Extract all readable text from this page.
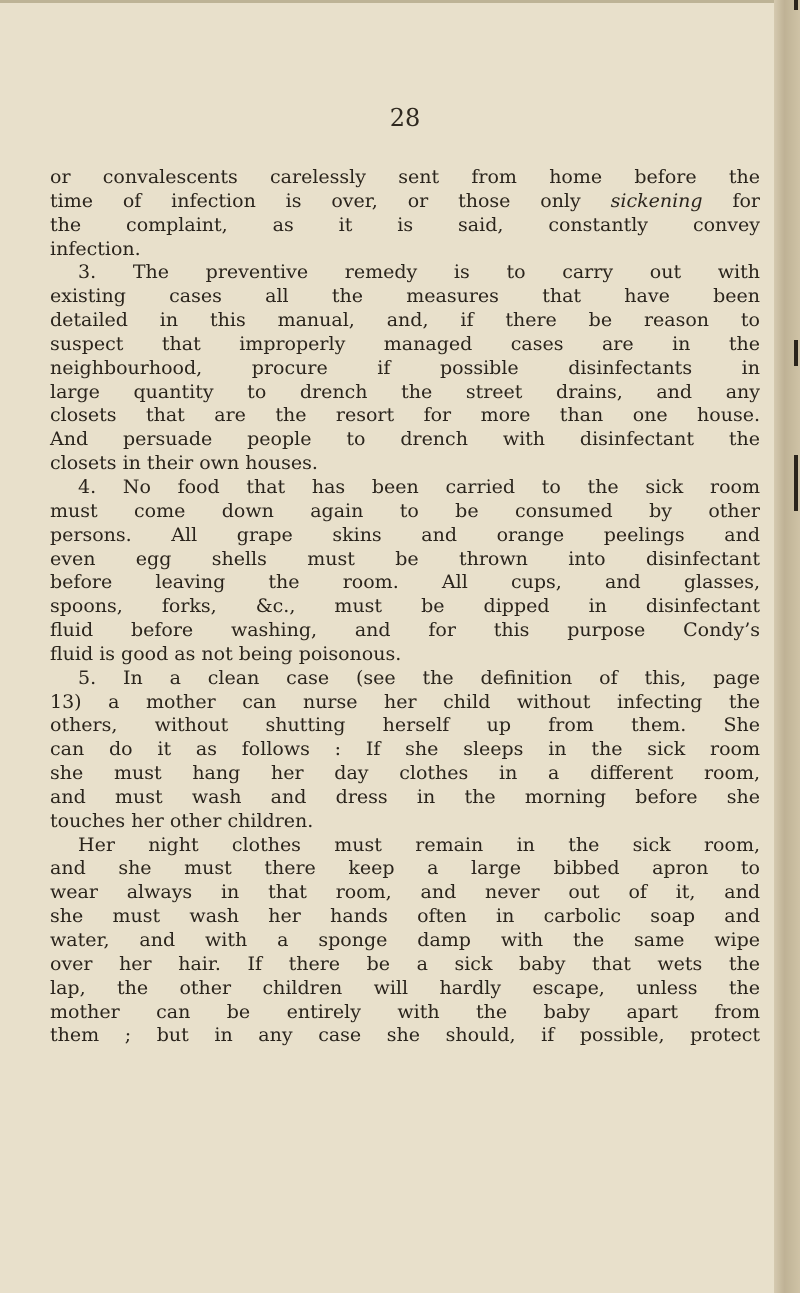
28
or convalescents carelessly sent from home before the
time of infection is over, or those only sickening for
the complaint, as it is said, constantly convey
infection.
3. The preventive remedy is to carry out with
existing cases all the measures that have been
detailed in this manual, and, if there be reason to
suspect that improperly managed cases are in the
neighbourhood, procure if possible disinfectants in
large quantity to drench the street drains, and any
closets that are the resort for more than one house.
And persuade people to drench with disinfectant the
closets in their own houses.
4. No food that has been carried to the sick room
must come down again to be consumed by other
persons. All grape skins and orange peelings and
even egg shells must be thrown into disinfectant
before leaving the room. All cups, and glasses,
spoons, forks, &c., must be dipped in disinfectant
fluid before washing, and for this purpose Condy’s
fluid is good as not being poisonous.
5. In a clean case (see the definition of this, page
13) a mother can nurse her child without infecting the
others, without shutting herself up from them. She
can do it as follows : If she sleeps in the sick room
she must hang her day clothes in a different room,
and must wash and dress in the morning before she
touches her other children.
Her night clothes must remain in the sick room,
and she must there keep a large bibbed apron to
wear always in that room, and never out of it, and
she must wash her hands often in carbolic soap and
water, and with a sponge damp with the same wipe
over her hair. If there be a sick baby that wets the
lap, the other children will hardly escape, unless the
mother can be entirely with the baby apart from
them ; but in any case she should, if possible, protect
